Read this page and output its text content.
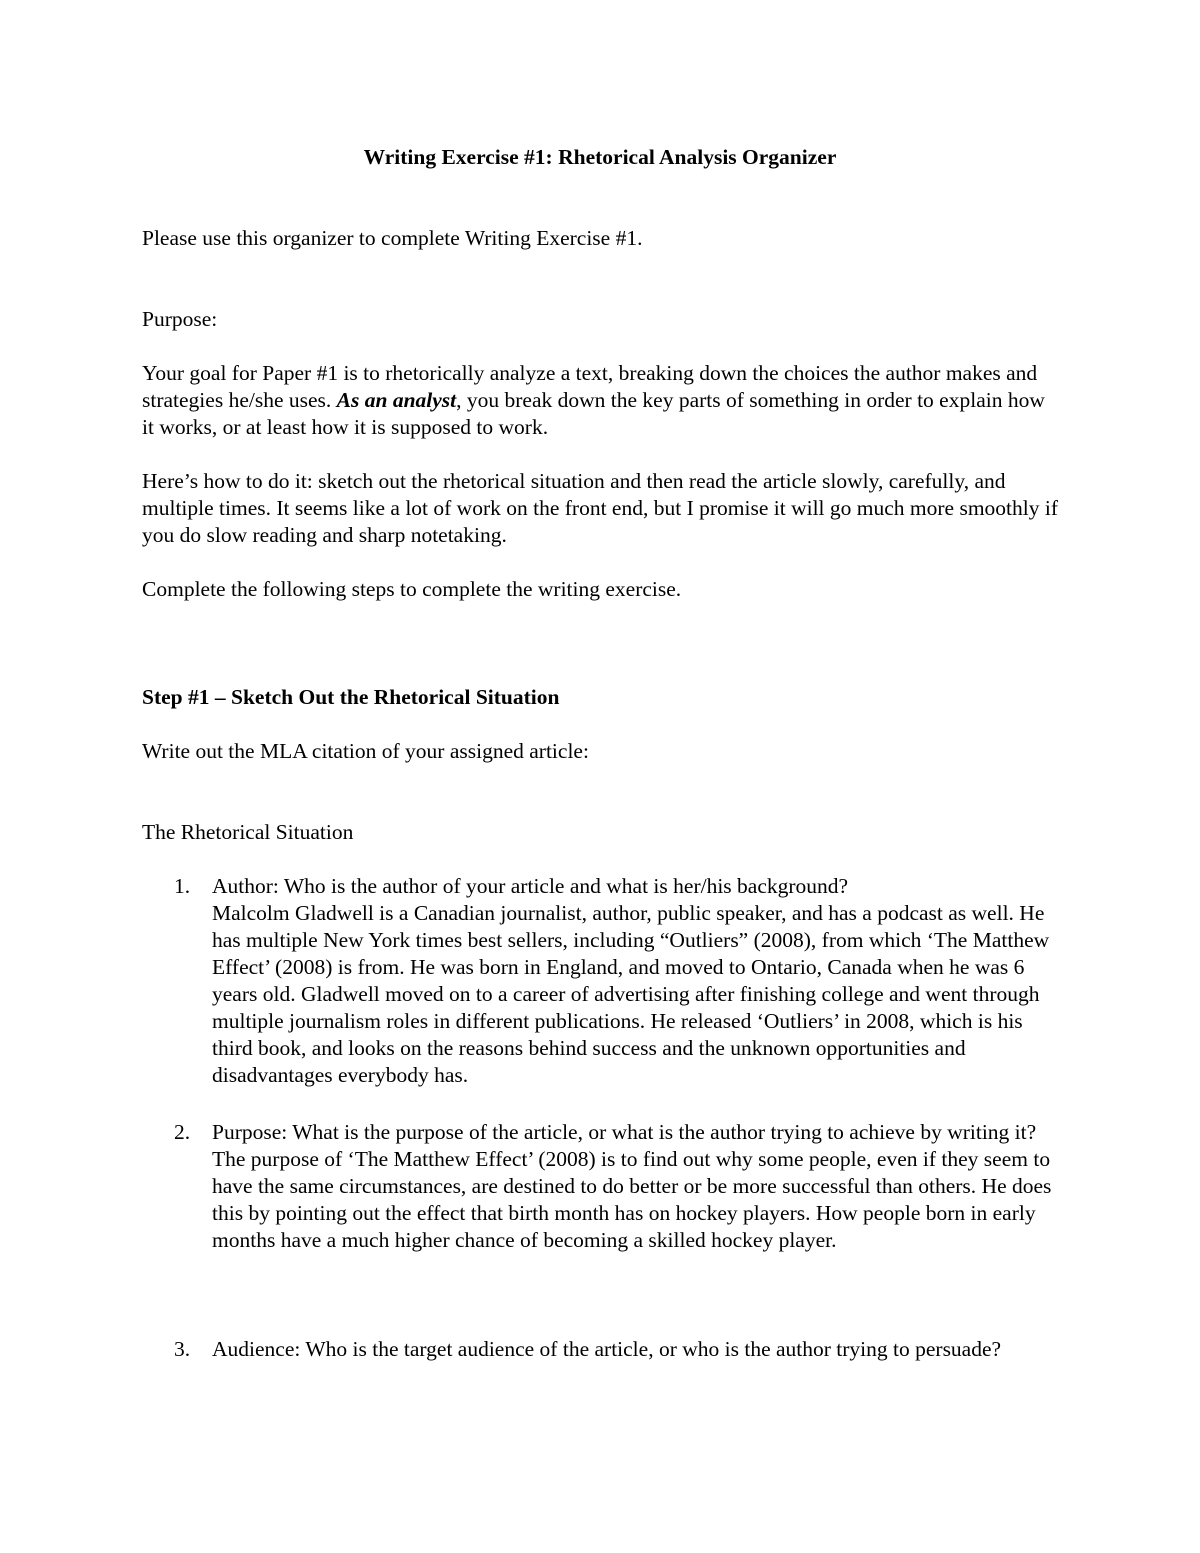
Writing Exercise #1: Rhetorical Analysis Organizer

Please use this organizer to complete Writing Exercise #1.

Purpose:

Your goal for Paper #1 is to rhetorically analyze a text, breaking down the choices the author makes and strategies he/she uses. As an analyst, you break down the key parts of something in order to explain how it works, or at least how it is supposed to work.

Here’s how to do it: sketch out the rhetorical situation and then read the article slowly, carefully, and multiple times. It seems like a lot of work on the front end, but I promise it will go much more smoothly if you do slow reading and sharp notetaking.

Complete the following steps to complete the writing exercise.

Step #1 – Sketch Out the Rhetorical Situation

Write out the MLA citation of your assigned article:

The Rhetorical Situation

1. Author: Who is the author of your article and what is her/his background?

Malcolm Gladwell is a Canadian journalist, author, public speaker, and has a podcast as well. He has multiple New York times best sellers, including “Outliers” (2008), from which ‘The Matthew Effect’ (2008) is from. He was born in England, and moved to Ontario, Canada when he was 6 years old. Gladwell moved on to a career of advertising after finishing college and went through multiple journalism roles in different publications. He released ‘Outliers’ in 2008, which is his third book, and looks on the reasons behind success and the unknown opportunities and disadvantages everybody has.

2. Purpose: What is the purpose of the article, or what is the author trying to achieve by writing it?

The purpose of ‘The Matthew Effect’ (2008) is to find out why some people, even if they seem to have the same circumstances, are destined to do better or be more successful than others. He does this by pointing out the effect that birth month has on hockey players. How people born in early months have a much higher chance of becoming a skilled hockey player.

3. Audience: Who is the target audience of the article, or who is the author trying to persuade?
